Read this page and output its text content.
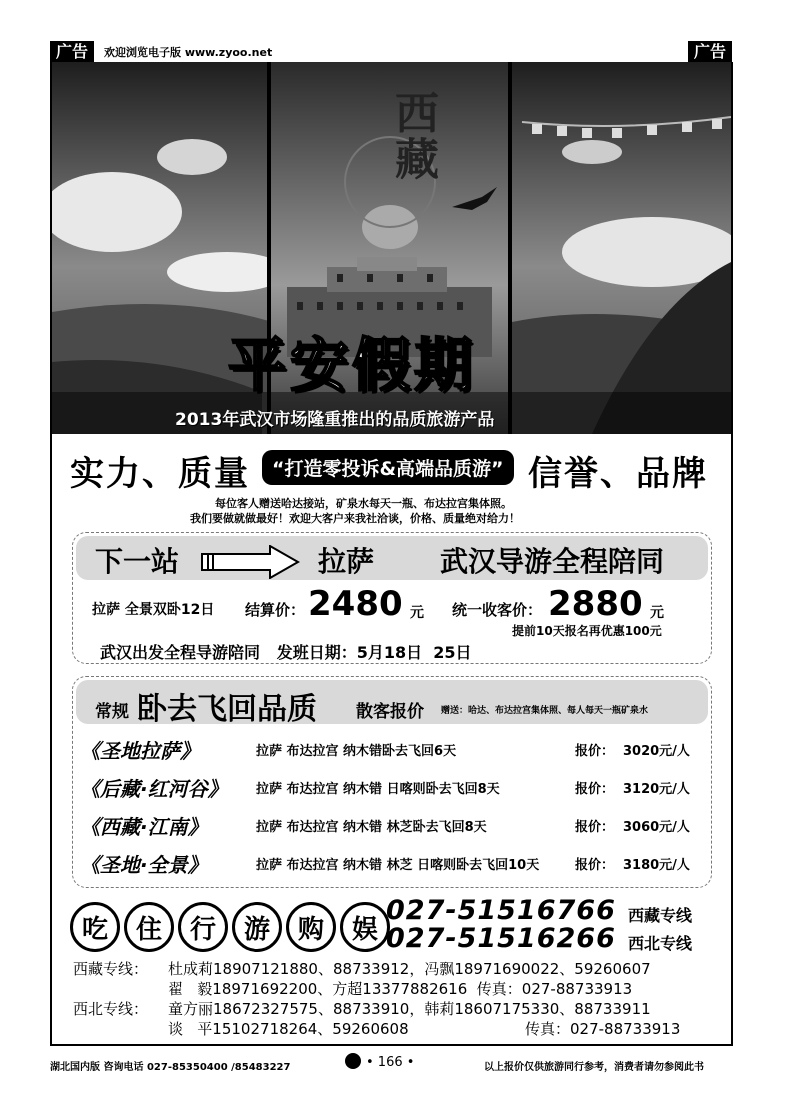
广告	欢迎浏览电子版 www.zyoo.net	广告
西藏
平安假期
2013年武汉市场隆重推出的品质旅游产品
实力、质量	“打造零投诉&高端品质游” 信誉、品牌
每位客人赠送哈达接站，矿泉水每天一瓶、布达拉宫集体照。
我们要做就做最好！欢迎大客户来我社洽谈，价格、质量绝对给力！
下一站	拉萨 武汉导游全程陪同
拉萨 全景双卧12日 结算价： 2480 元 统一收客价： 2880 元
提前10天报名再优惠100元
武汉出发全程导游陪同   发班日期：5月18日  25日
常规 卧去飞回品质 散客报价 赠送：哈达、布达拉宫集体照、每人每天一瓶矿泉水
《圣地拉萨》	拉萨 布达拉宫 纳木错卧去飞回6天	报价： 3020元/人
《后藏·红河谷》 拉萨 布达拉宫 纳木错 日喀则卧去飞回8天	报价： 3120元/人
《西藏·江南》	拉萨 布达拉宫 纳木错 林芝卧去飞回8天	报价： 3060元/人
《圣地·全景》	拉萨 布达拉宫 纳木错 林芝 日喀则卧去飞回10天	报价： 3180元/人
吃	住	行	游	购	娱
027-51516766 西藏专线
027-51516266 西北专线
西藏专线： 杜成莉18907121880、88733912，冯飘18971690022、59260607
翟   毅18971692200、方超13377882616  传真：027-88733913
西北专线： 童方丽18672327575、88733910，韩莉18607175330、88733911
谈   平15102718264、59260608	传真：027-88733913
湖北国内版 咨询电话 027-85350400 /85483227	• 166 •	以上报价仅供旅游同行参考，消费者请勿参阅此书
